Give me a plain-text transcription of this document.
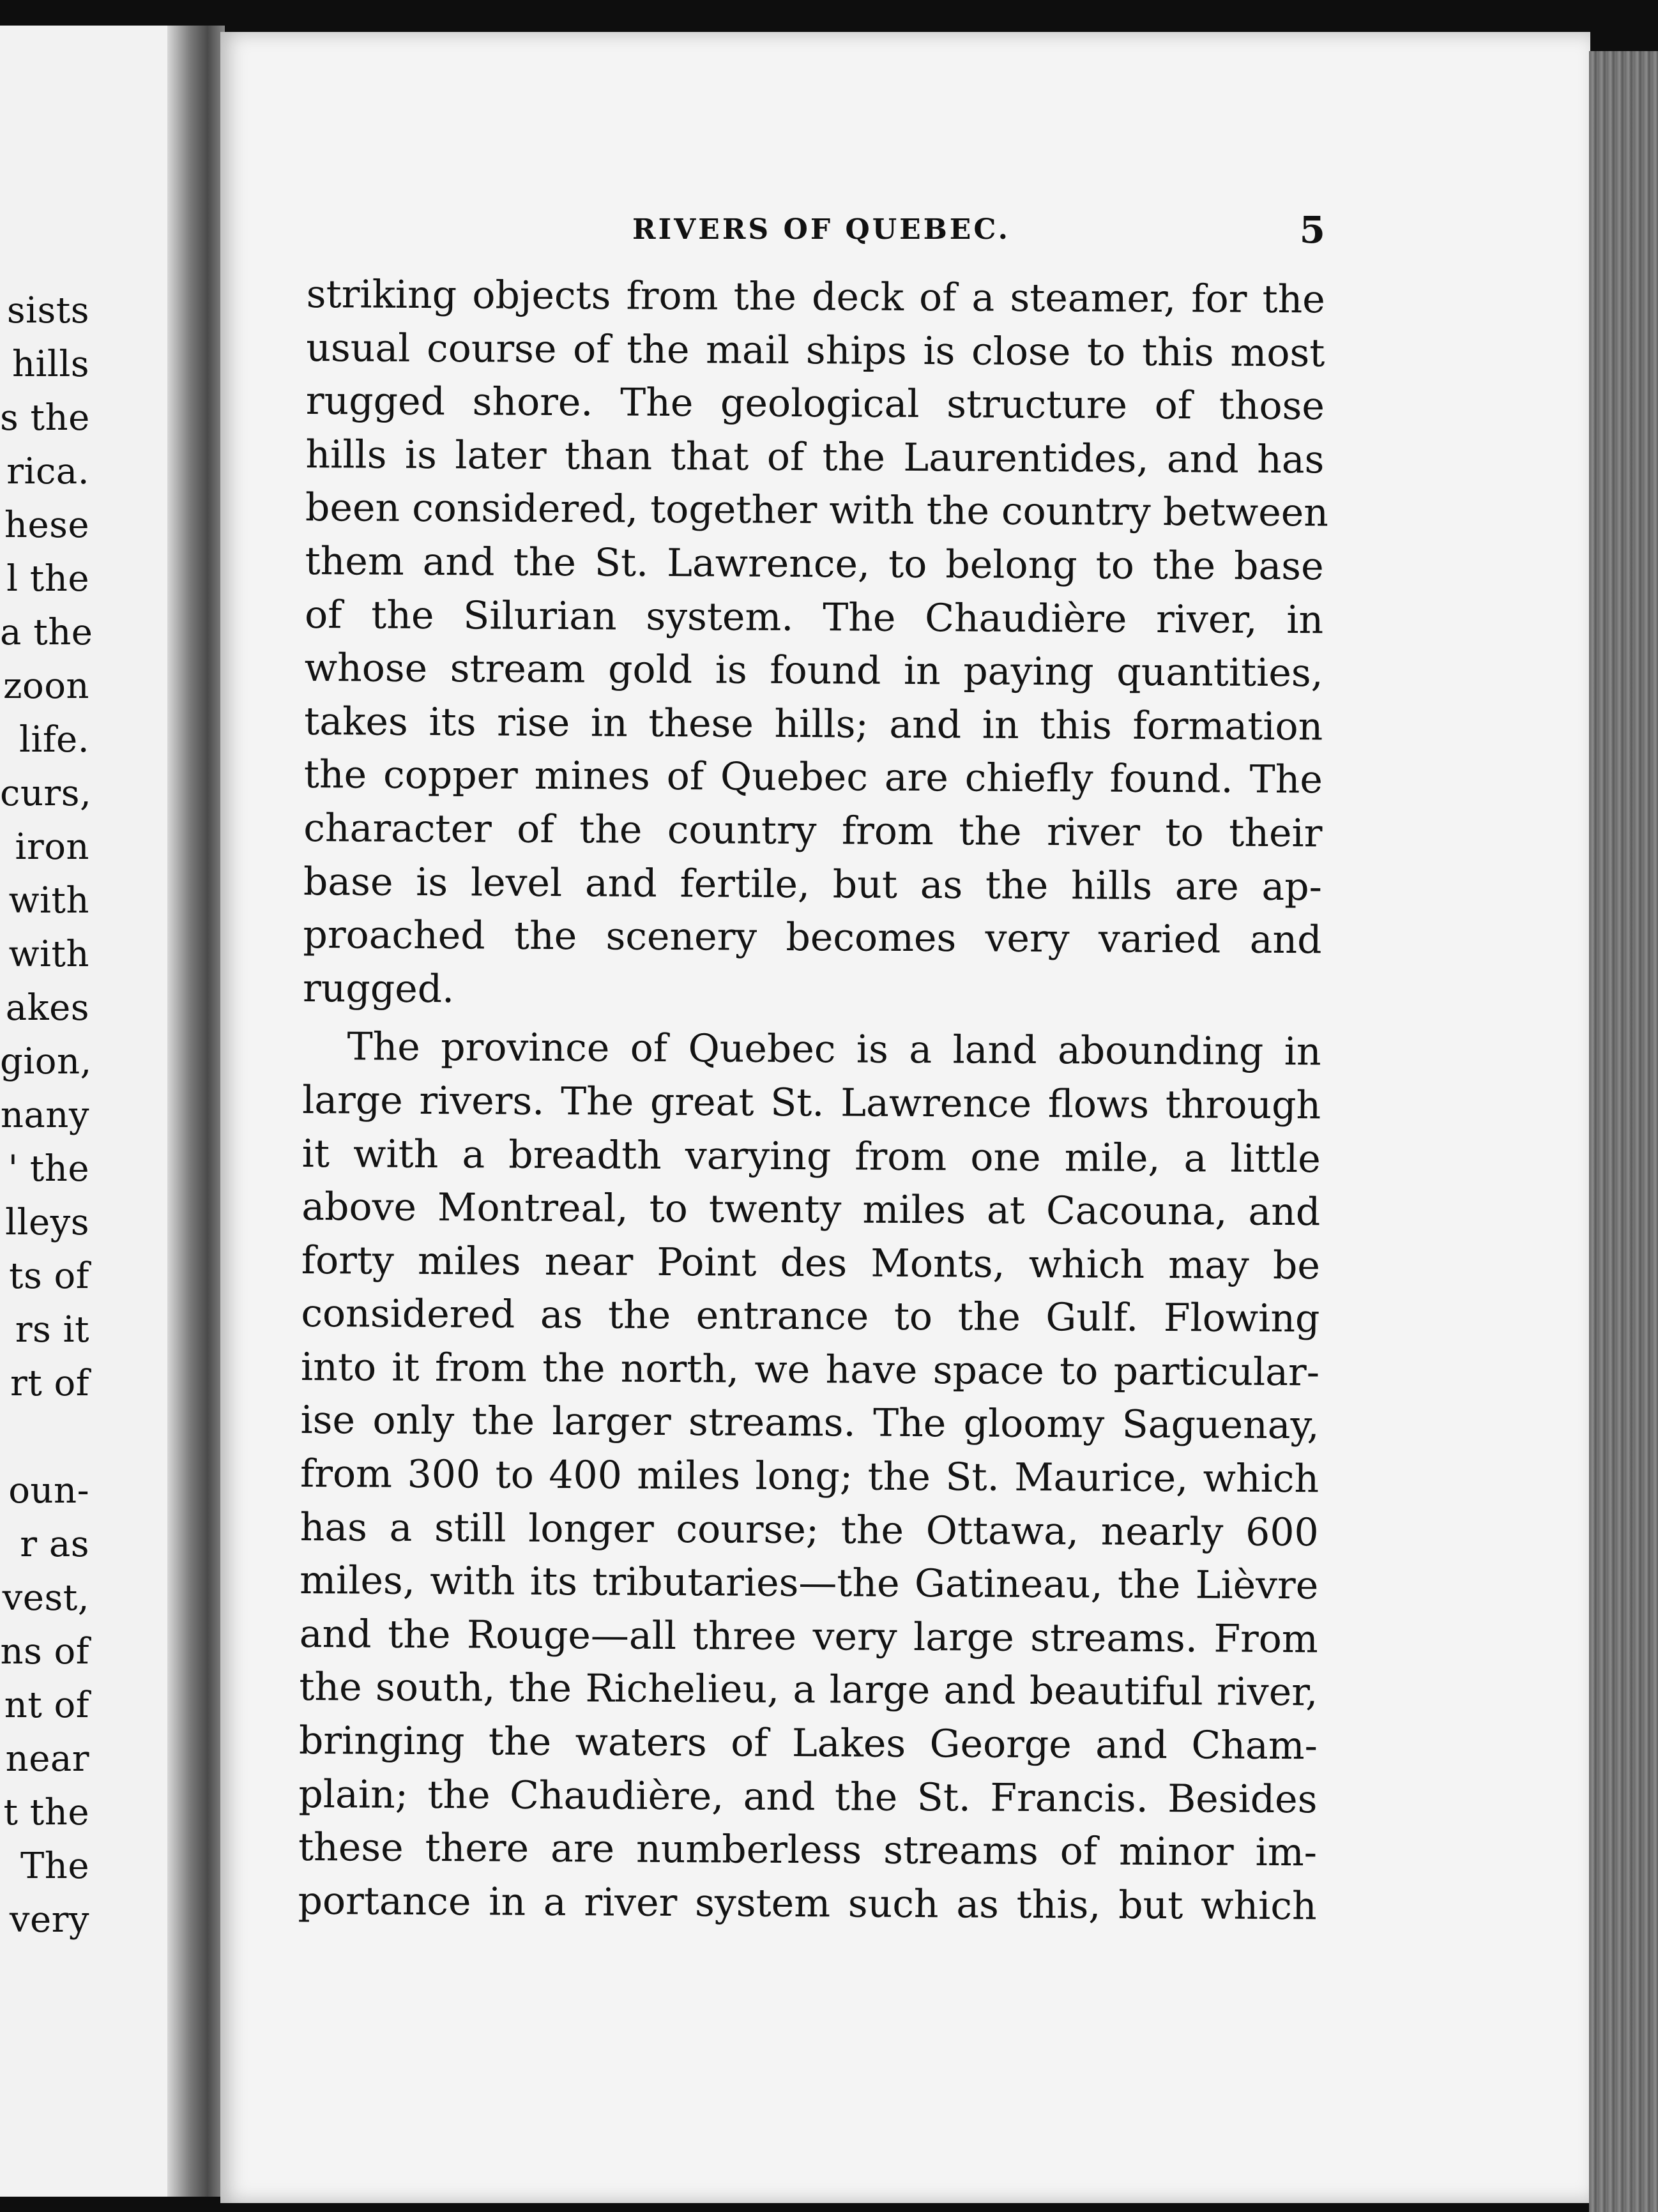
sists
hills
s the
rica.
hese
l the
a the
zoon
life.
curs,
iron
with
with
akes
gion,
nany
' the
lleys
ts of
rs it
rt of
oun-
r as
vest,
ns of
nt of
near
t the
The
very
RIVERS OF QUEBEC.	5
striking objects from the deck of a steamer, for the
usual course of the mail ships is close to this most
rugged shore. The geological structure of those
hills is later than that of the Laurentides, and has
been considered, together with the country between
them and the St. Lawrence, to belong to the base
of the Silurian system. The Chaudière river, in
whose stream gold is found in paying quantities,
takes its rise in these hills; and in this formation
the copper mines of Quebec are chiefly found. The
character of the country from the river to their
base is level and fertile, but as the hills are ap-
proached the scenery becomes very varied and
rugged.
The province of Quebec is a land abounding in
large rivers. The great St. Lawrence flows through
it with a breadth varying from one mile, a little
above Montreal, to twenty miles at Cacouna, and
forty miles near Point des Monts, which may be
considered as the entrance to the Gulf. Flowing
into it from the north, we have space to particular-
ise only the larger streams. The gloomy Saguenay,
from 300 to 400 miles long; the St. Maurice, which
has a still longer course; the Ottawa, nearly 600
miles, with its tributaries—the Gatineau, the Lièvre
and the Rouge—all three very large streams. From
the south, the Richelieu, a large and beautiful river,
bringing the waters of Lakes George and Cham-
plain; the Chaudière, and the St. Francis. Besides
these there are numberless streams of minor im-
portance in a river system such as this, but which
